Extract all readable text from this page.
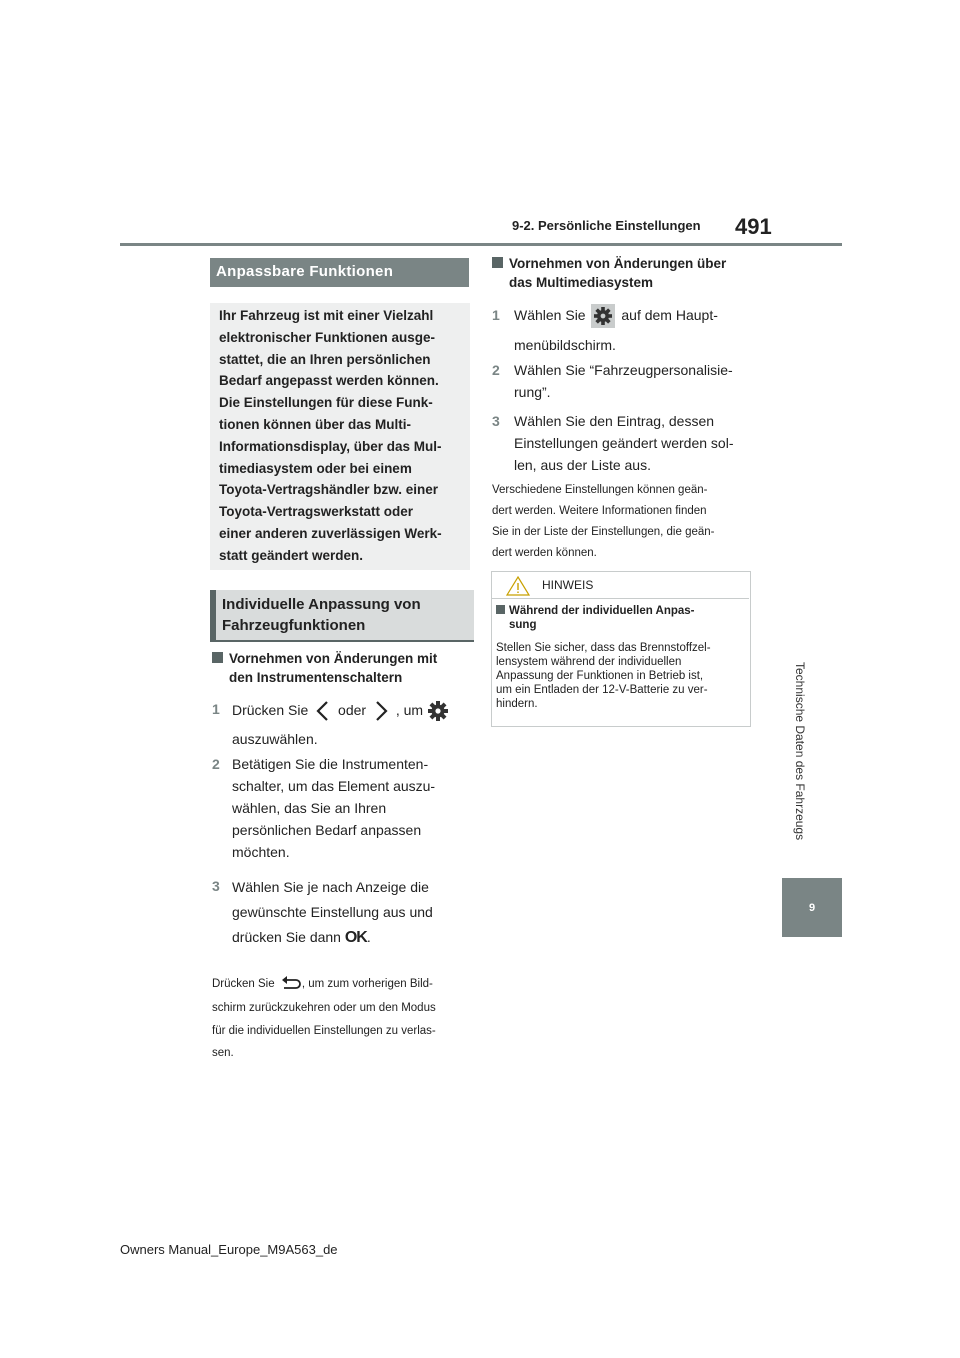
9-2. Persönliche Einstellungen 491
Technische Daten des Fahrzeugs
9
Anpassbare Funktionen
Ihr Fahrzeug ist mit einer Vielzahl
elektronischer Funktionen ausge-
stattet, die an Ihren persönlichen
Bedarf angepasst werden können.
Die Einstellungen für diese Funk-
tionen können über das Multi-
Informationsdisplay, über das Mul-
timediasystem oder bei einem
Toyota-Vertragshändler bzw. einer
Toyota-Vertragswerkstatt oder
einer anderen zuverlässigen Werk-
statt geändert werden.
Individuelle Anpassung von
Fahrzeugfunktionen
Vornehmen von Änderungen mit
den Instrumentenschaltern
1 Drücken Sie oder , um
auszuwählen.
2 Betätigen Sie die Instrumenten-
schalter, um das Element auszu-
wählen, das Sie an Ihren
persönlichen Bedarf anpassen
möchten.
3 Wählen Sie je nach Anzeige die
gewünschte Einstellung aus und
drücken Sie dann OK.
Drücken Sie , um zum vorherigen Bild-
schirm zurückzukehren oder um den Modus
für die individuellen Einstellungen zu verlas-
sen.
Vornehmen von Änderungen über
das Multimediasystem
1	Wählen Sie	auf dem Haupt-
menübildschirm.
2 Wählen Sie “Fahrzeugpersonalisie-
rung”.
3 Wählen Sie den Eintrag, dessen
Einstellungen geändert werden sol-
len, aus der Liste aus.
Verschiedene Einstellungen können geän-
dert werden. Weitere Informationen finden
Sie in der Liste der Einstellungen, die geän-
dert werden können.
HINWEIS
Während der individuellen Anpas-
sung
Stellen Sie sicher, dass das Brennstoffzel-
lensystem während der individuellen
Anpassung der Funktionen in Betrieb ist,
um ein Entladen der 12-V-Batterie zu ver-
hindern.
Owners Manual_Europe_M9A563_de
